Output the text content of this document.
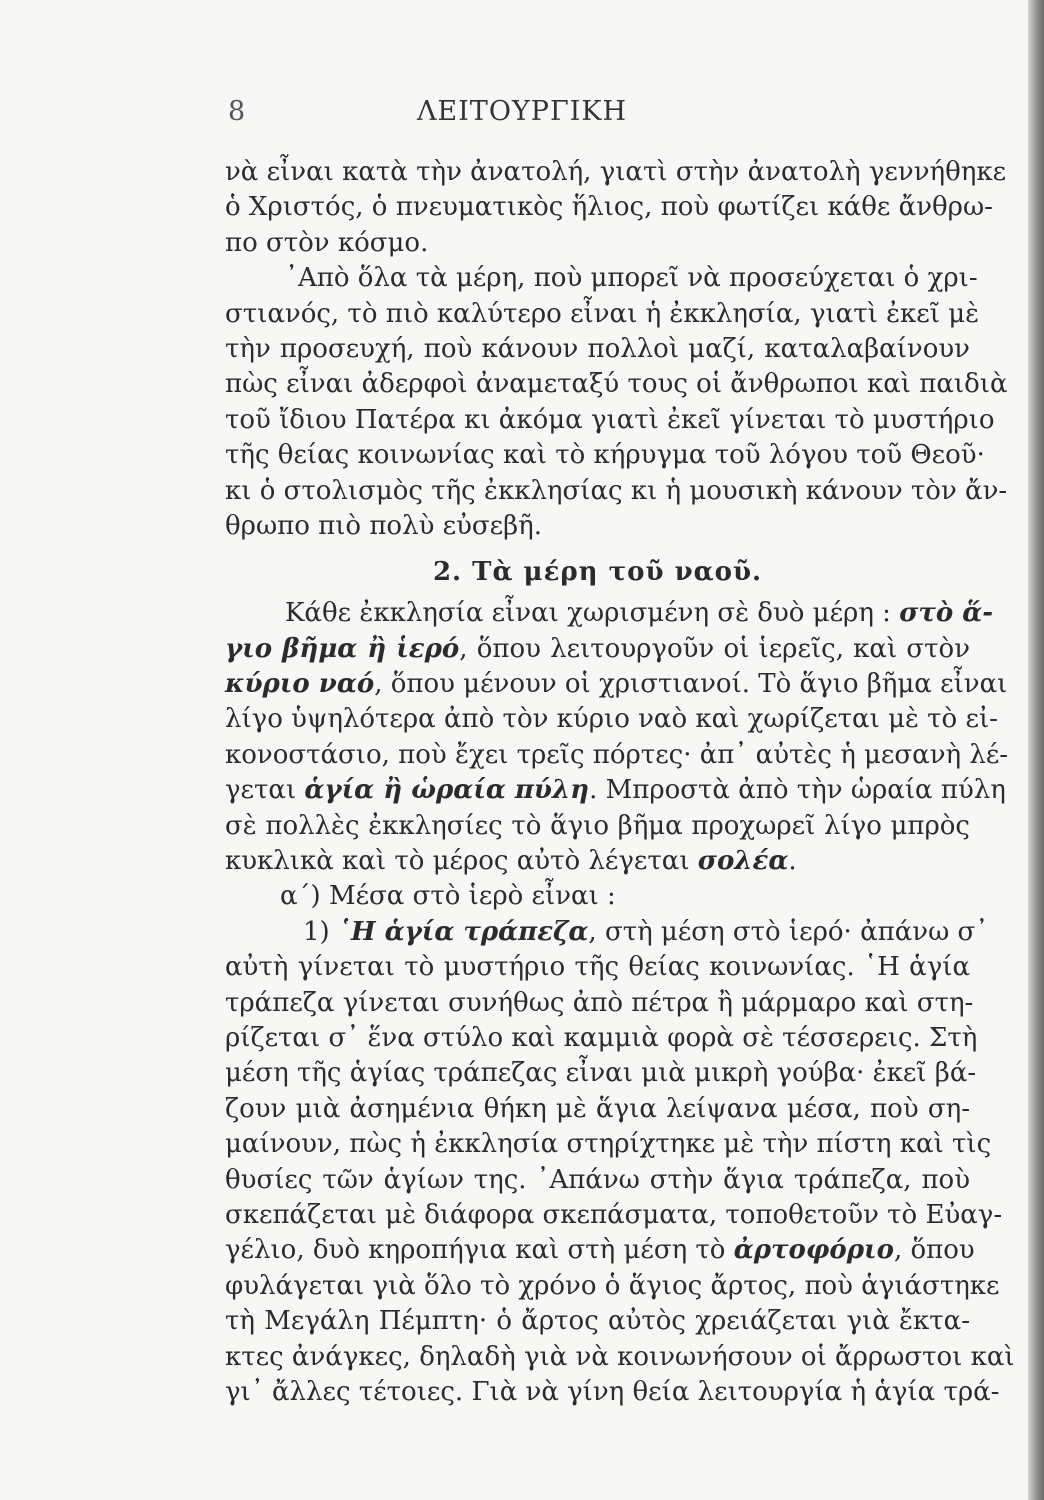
8	ΛΕΙΤΟΥΡΓΙΚΗ
νὰ εἶναι κατὰ τὴν ἀνατολή, γιατὶ στὴν ἀνατολὴ γεννήθηκε
ὁ Χριστός, ὁ πνευματικὸς ἥλιος, ποὺ φωτίζει κάθε ἄνθρω-
πο στὸν κόσμο.
᾿Απὸ ὅλα τὰ μέρη, ποὺ μπορεῖ νὰ προσεύχεται ὁ χρι-
στιανός, τὸ πιὸ καλύτερο εἶναι ἡ ἐκκλησία, γιατὶ ἐκεῖ μὲ
τὴν προσευχή, ποὺ κάνουν πολλοὶ μαζί, καταλαβαίνουν
πὼς εἶναι ἀδερφοὶ ἀναμεταξύ τους οἱ ἄνθρωποι καὶ παιδιὰ
τοῦ ἴδιου Πατέρα κι ἀκόμα γιατὶ ἐκεῖ γίνεται τὸ μυστήριο
τῆς θείας κοινωνίας καὶ τὸ κήρυγμα τοῦ λόγου τοῦ Θεοῦ·
κι ὁ στολισμὸς τῆς ἐκκλησίας κι ἡ μουσικὴ κάνουν τὸν ἄν-
θρωπο πιὸ πολὺ εὐσεβῆ.
2. Τὰ μέρη τοῦ ναοῦ.
Κάθε ἐκκλησία εἶναι χωρισμένη σὲ δυὸ μέρη : στὸ ἅ-
γιο βῆμα ἢ ἱερό, ὅπου λειτουργοῦν οἱ ἱερεῖς, καὶ στὸν
κύριο ναό, ὅπου μένουν οἱ χριστιανοί. Τὸ ἅγιο βῆμα εἶναι
λίγο ὑψηλότερα ἀπὸ τὸν κύριο ναὸ καὶ χωρίζεται μὲ τὸ εἰ-
κονοστάσιο, ποὺ ἔχει τρεῖς πόρτες· ἀπ᾿ αὐτὲς ἡ μεσανὴ λέ-
γεται ἁγία ἢ ὡραία πύλη. Μπροστὰ ἀπὸ τὴν ὡραία πύλη
σὲ πολλὲς ἐκκλησίες τὸ ἅγιο βῆμα προχωρεῖ λίγο μπρὸς
κυκλικὰ καὶ τὸ μέρος αὐτὸ λέγεται σολέα.
α΄) Μέσα στὸ ἱερὸ εἶναι :
1) ῾Η ἁγία τράπεζα, στὴ μέση στὸ ἱερό· ἀπάνω σ᾿
αὐτὴ γίνεται τὸ μυστήριο τῆς θείας κοινωνίας. ῾Η ἁγία
τράπεζα γίνεται συνήθως ἀπὸ πέτρα ἢ μάρμαρο καὶ στη-
ρίζεται σ᾿ ἕνα στύλο καὶ καμμιὰ φορὰ σὲ τέσσερεις. Στὴ
μέση τῆς ἁγίας τράπεζας εἶναι μιὰ μικρὴ γούβα· ἐκεῖ βά-
ζουν μιὰ ἀσημένια θήκη μὲ ἅγια λείψανα μέσα, ποὺ ση-
μαίνουν, πὼς ἡ ἐκκλησία στηρίχτηκε μὲ τὴν πίστη καὶ τὶς
θυσίες τῶν ἁγίων της. ᾿Απάνω στὴν ἅγια τράπεζα, ποὺ
σκεπάζεται μὲ διάφορα σκεπάσματα, τοποθετοῦν τὸ Εὐαγ-
γέλιο, δυὸ κηροπήγια καὶ στὴ μέση τὸ ἀρτοφόριο, ὅπου
φυλάγεται γιὰ ὅλο τὸ χρόνο ὁ ἅγιος ἄρτος, ποὺ ἁγιάστηκε
τὴ Μεγάλη Πέμπτη· ὁ ἄρτος αὐτὸς χρειάζεται γιὰ ἔκτα-
κτες ἀνάγκες, δηλαδὴ γιὰ νὰ κοινωνήσουν οἱ ἄρρωστοι καὶ
γι᾿ ἄλλες τέτοιες. Γιὰ νὰ γίνη θεία λειτουργία ἡ ἁγία τρά-
